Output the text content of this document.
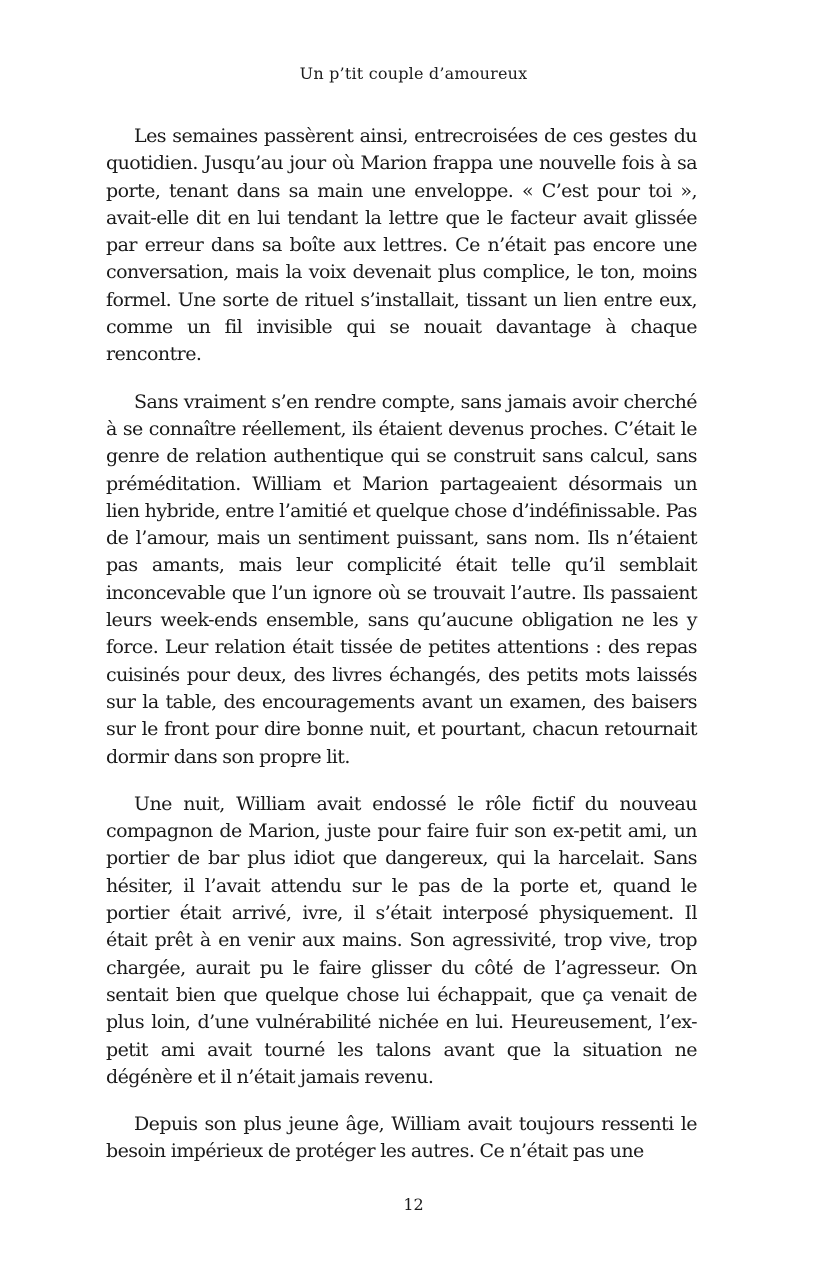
Un p’tit couple d’amoureux

Les semaines passèrent ainsi, entrecroisées de ces gestes du quotidien. Jusqu’au jour où Marion frappa une nouvelle fois à sa porte, tenant dans sa main une enveloppe. « C’est pour toi », avait-elle dit en lui tendant la lettre que le facteur avait glissée par erreur dans sa boîte aux lettres. Ce n’était pas encore une conversation, mais la voix devenait plus complice, le ton, moins formel. Une sorte de rituel s’installait, tissant un lien entre eux, comme un fil invisible qui se nouait davantage à chaque rencontre.

Sans vraiment s’en rendre compte, sans jamais avoir cherché à se connaître réellement, ils étaient devenus proches. C’était le genre de relation authentique qui se construit sans calcul, sans préméditation. William et Marion partageaient désormais un lien hybride, entre l’amitié et quelque chose d’indéfinissable. Pas de l’amour, mais un sentiment puissant, sans nom. Ils n’étaient pas amants, mais leur complicité était telle qu’il semblait inconcevable que l’un ignore où se trouvait l’autre. Ils passaient leurs week-ends ensemble, sans qu’aucune obligation ne les y force. Leur relation était tissée de petites attentions : des repas cuisinés pour deux, des livres échangés, des petits mots laissés sur la table, des encouragements avant un examen, des baisers sur le front pour dire bonne nuit, et pourtant, chacun retournait dormir dans son propre lit.

Une nuit, William avait endossé le rôle fictif du nouveau compagnon de Marion, juste pour faire fuir son ex-petit ami, un portier de bar plus idiot que dangereux, qui la harcelait. Sans hésiter, il l’avait attendu sur le pas de la porte et, quand le portier était arrivé, ivre, il s’était interposé physiquement. Il était prêt à en venir aux mains. Son agressivité, trop vive, trop chargée, aurait pu le faire glisser du côté de l’agresseur. On sentait bien que quelque chose lui échappait, que ça venait de plus loin, d’une vulnérabilité nichée en lui. Heureusement, l’ex-petit ami avait tourné les talons avant que la situation ne dégénère et il n’était jamais revenu.

Depuis son plus jeune âge, William avait toujours ressenti le besoin impérieux de protéger les autres. Ce n’était pas une

12
